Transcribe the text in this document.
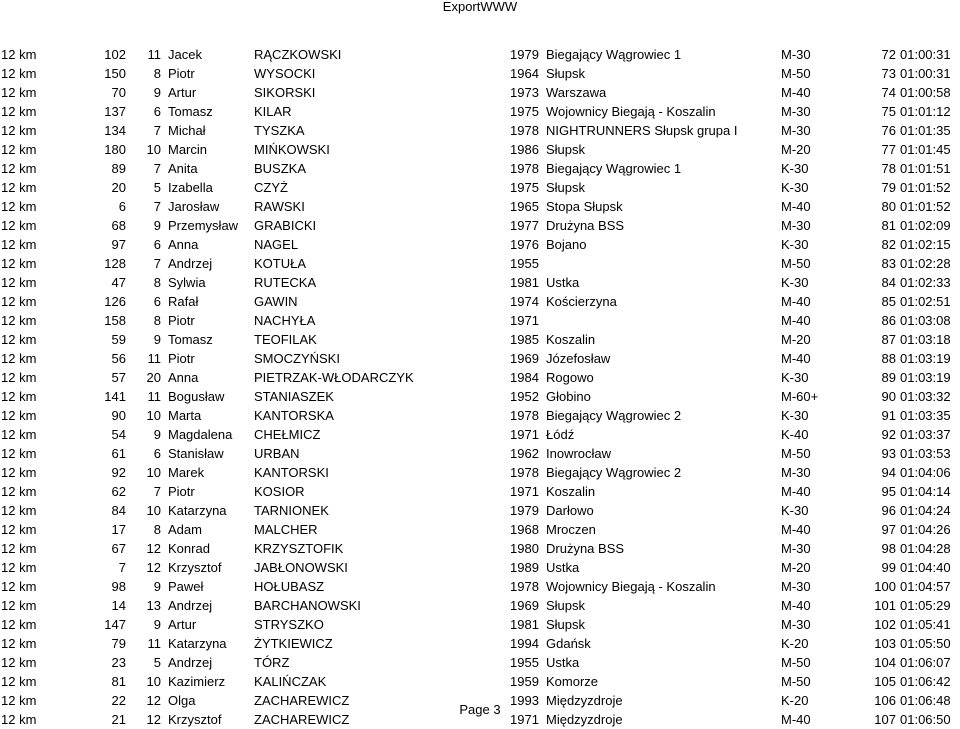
ExportWWW
12 km	102	11 Jacek	RĄCZKOWSKI	1979 Biegający Wągrowiec 1	M-30	72 01:00:31
12 km	150	8 Piotr	WYSOCKI	1964 Słupsk	M-50	73 01:00:31
12 km	70	9 Artur	SIKORSKI	1973 Warszawa	M-40	74 01:00:58
12 km	137	6 Tomasz	KILAR	1975 Wojownicy Biegają - Koszalin	M-30	75 01:01:12
12 km	134	7 Michał	TYSZKA	1978 NIGHTRUNNERS Słupsk grupa I	M-30	76 01:01:35
12 km	180	10 Marcin	MIŃKOWSKI	1986 Słupsk	M-20	77 01:01:45
12 km	89	7 Anita	BUSZKA	1978 Biegający Wągrowiec 1	K-30	78 01:01:51
12 km	20	5 Izabella	CZYŻ	1975 Słupsk	K-30	79 01:01:52
12 km	6	7 Jarosław	RAWSKI	1965 Stopa Słupsk	M-40	80 01:01:52
12 km	68	9 Przemysław GRABICKI	1977 Drużyna BSS	M-30	81 01:02:09
12 km	97	6 Anna	NAGEL	1976 Bojano	K-30	82 01:02:15
12 km	128	7 Andrzej	KOTUŁA	1955	M-50	83 01:02:28
12 km	47	8 Sylwia	RUTECKA	1981 Ustka	K-30	84 01:02:33
12 km	126	6 Rafał	GAWIN	1974 Kościerzyna	M-40	85 01:02:51
12 km	158	8 Piotr	NACHYŁA	1971	M-40	86 01:03:08
12 km	59	9 Tomasz	TEOFILAK	1985 Koszalin	M-20	87 01:03:18
12 km	56	11 Piotr	SMOCZYŃSKI	1969 Józefosław	M-40	88 01:03:19
12 km	57	20 Anna	PIETRZAK-WŁODARCZYK	1984 Rogowo	K-30	89 01:03:19
12 km	141	11 Bogusław STANIASZEK	1952 Głobino	M-60+	90 01:03:32
12 km	90	10 Marta	KANTORSKA	1978 Biegający Wągrowiec 2	K-30	91 01:03:35
12 km	54	9 Magdalena CHEŁMICZ	1971 Łódź	K-40	92 01:03:37
12 km	61	6 Stanisław URBAN	1962 Inowrocław	M-50	93 01:03:53
12 km	92	10 Marek	KANTORSKI	1978 Biegający Wągrowiec 2	M-30	94 01:04:06
12 km	62	7 Piotr	KOSIOR	1971 Koszalin	M-40	95 01:04:14
12 km	84	10 Katarzyna TARNIONEK	1979 Darłowo	K-30	96 01:04:24
12 km	17	8 Adam	MALCHER	1968 Mroczen	M-40	97 01:04:26
12 km	67	12 Konrad	KRZYSZTOFIK	1980 Drużyna BSS	M-30	98 01:04:28
12 km	7	12 Krzysztof	JABŁONOWSKI	1989 Ustka	M-20	99 01:04:40
12 km	98	9 Paweł	HOŁUBASZ	1978 Wojownicy Biegają - Koszalin	M-30	100 01:04:57
12 km	14	13 Andrzej	BARCHANOWSKI	1969 Słupsk	M-40	101 01:05:29
12 km	147	9 Artur	STRYSZKO	1981 Słupsk	M-30	102 01:05:41
12 km	79	11 Katarzyna ŻYTKIEWICZ	1994 Gdańsk	K-20	103 01:05:50
12 km	23	5 Andrzej	TÓRZ	1955 Ustka	M-50	104 01:06:07
12 km	81	10 Kazimierz KALIŃCZAK	1959 Komorze	M-50	105 01:06:42
12 km	22	12 Olga	ZACHAREWICZ	1993 Międzyzdroje	K-20	106 01:06:48
12 km	21	12 Krzysztof	ZACHAREWICZ	1971 Międzyzdroje	M-40	107 01:06:50
Page 3
